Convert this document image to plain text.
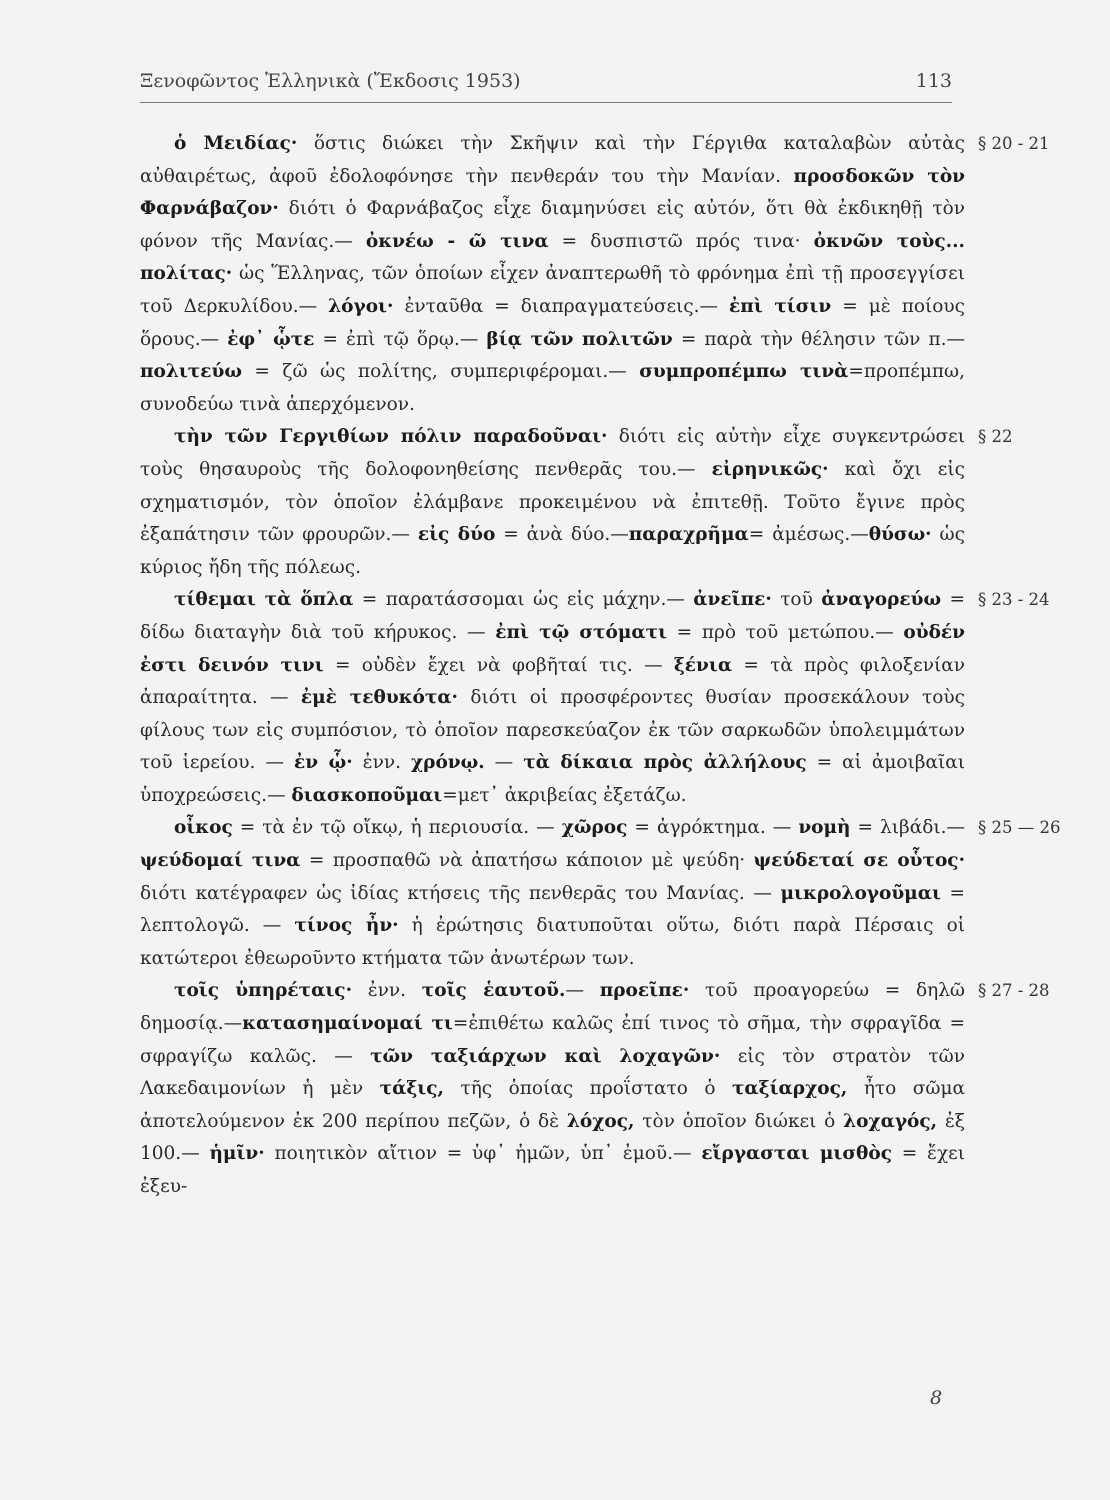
Ξενοφῶντος Ἑλληνικὰ (Ἔκδοσις 1953)	113

ὁ Μειδίας· ὅστις διώκει τὴν Σκῆψιν καὶ τὴν Γέργιθα καταλαβὼν αὐτὰς αὐθαιρέτως, ἀφοῦ ἐδολοφόνησε τὴν πενθεράν του τὴν Μανίαν. προσδοκῶν τὸν Φαρνάβαζον· διότι ὁ Φαρνάβαζος εἶχε διαμηνύσει εἰς αὐτόν, ὅτι θὰ ἐκδικηθῇ τὸν φόνον τῆς Μανίας.— ὀκνέω - ῶ τινα = δυσπιστῶ πρός τινα· ὀκνῶν τοὺς... πολίτας· ὡς Ἕλληνας, τῶν ὁποίων εἶχεν ἀναπτερωθῆ τὸ φρόνημα ἐπὶ τῇ προσεγγίσει τοῦ Δερκυλίδου.— λόγοι· ἐνταῦθα = διαπραγματεύσεις.— ἐπὶ τίσιν = μὲ ποίους ὅρους.— ἐφ᾽ ᾧτε = ἐπὶ τῷ ὅρῳ.— βίᾳ τῶν πολιτῶν = παρὰ τὴν θέλησιν τῶν π.— πολιτεύω = ζῶ ὡς πολίτης, συμπεριφέρομαι.— συμπροπέμπω τινὰ=προπέμπω, συνοδεύω τινὰ ἀπερχόμενον.
§ 20 - 21

τὴν τῶν Γεργιθίων πόλιν παραδοῦναι· διότι εἰς αὐτὴν εἶχε συγκεντρώσει τοὺς θησαυροὺς τῆς δολοφονηθείσης πενθερᾶς του.— εἰρηνικῶς· καὶ ὄχι εἰς σχηματισμόν, τὸν ὁποῖον ἐλάμβανε προκειμένου νὰ ἐπιτεθῇ. Τοῦτο ἔγινε πρὸς ἐξαπάτησιν τῶν φρουρῶν.— εἰς δύο = ἀνὰ δύο.—παραχρῆμα= ἀμέσως.—θύσω· ὡς κύριος ἤδη τῆς πόλεως.
§ 22

τίθεμαι τὰ ὅπλα = παρατάσσομαι ὡς εἰς μάχην.— ἀνεῖπε· τοῦ ἀναγορεύω = δίδω διαταγὴν διὰ τοῦ κήρυκος. — ἐπὶ τῷ στόματι = πρὸ τοῦ μετώπου.— οὐδέν ἐστι δεινόν τινι = οὐδὲν ἔχει νὰ φοβῆταί τις. — ξένια = τὰ πρὸς φιλοξενίαν ἀπαραίτητα. — ἐμὲ τεθυκότα· διότι οἱ προσφέροντες θυσίαν προσεκάλουν τοὺς φίλους των εἰς συμπόσιον, τὸ ὁποῖον παρεσκεύαζον ἐκ τῶν σαρκωδῶν ὑπολειμμάτων τοῦ ἱερείου. — ἐν ᾧ· ἐνν. χρόνῳ. — τὰ δίκαια πρὸς ἀλλήλους = αἱ ἀμοιβαῖαι ὑποχρεώσεις.— διασκοποῦμαι=μετ᾽ ἀκριβείας ἐξετάζω.
§ 23 - 24

οἶκος = τὰ ἐν τῷ οἴκῳ, ἡ περιουσία. — χῶρος = ἀγρόκτημα. — νομὴ = λιβάδι.— ψεύδομαί τινα = προσπαθῶ νὰ ἀπατήσω κάποιον μὲ ψεύδη· ψεύδεταί σε οὗτος· διότι κατέγραφεν ὡς ἰδίας κτήσεις τῆς πενθερᾶς του Μανίας. — μικρολογοῦμαι = λεπτολογῶ. — τίνος ἦν· ἡ ἐρώτησις διατυποῦται οὕτω, διότι παρὰ Πέρσαις οἱ κατώτεροι ἐθεωροῦντο κτήματα τῶν ἀνωτέρων των.
§ 25 — 26

τοῖς ὑπηρέταις· ἐνν. τοῖς ἑαυτοῦ.— προεῖπε· τοῦ προαγορεύω = δηλῶ δημοσίᾳ.—κατασημαίνομαί τι=ἐπιθέτω καλῶς ἐπί τινος τὸ σῆμα, τὴν σφραγῖδα = σφραγίζω καλῶς. — τῶν ταξιάρχων καὶ λοχαγῶν· εἰς τὸν στρατὸν τῶν Λακεδαιμονίων ἡ μὲν τάξις, τῆς ὁποίας προΐστατο ὁ ταξίαρχος, ἦτο σῶμα ἀποτελούμενον ἐκ 200 περίπου πεζῶν, ὁ δὲ λόχος, τὸν ὁποῖον διώκει ὁ λοχαγός, ἐξ 100.— ἡμῖν· ποιητικὸν αἴτιον = ὑφ᾽ ἡμῶν, ὑπ᾽ ἐμοῦ.— εἴργασται μισθὸς = ἔχει ἐξευ-
§ 27 - 28

8
